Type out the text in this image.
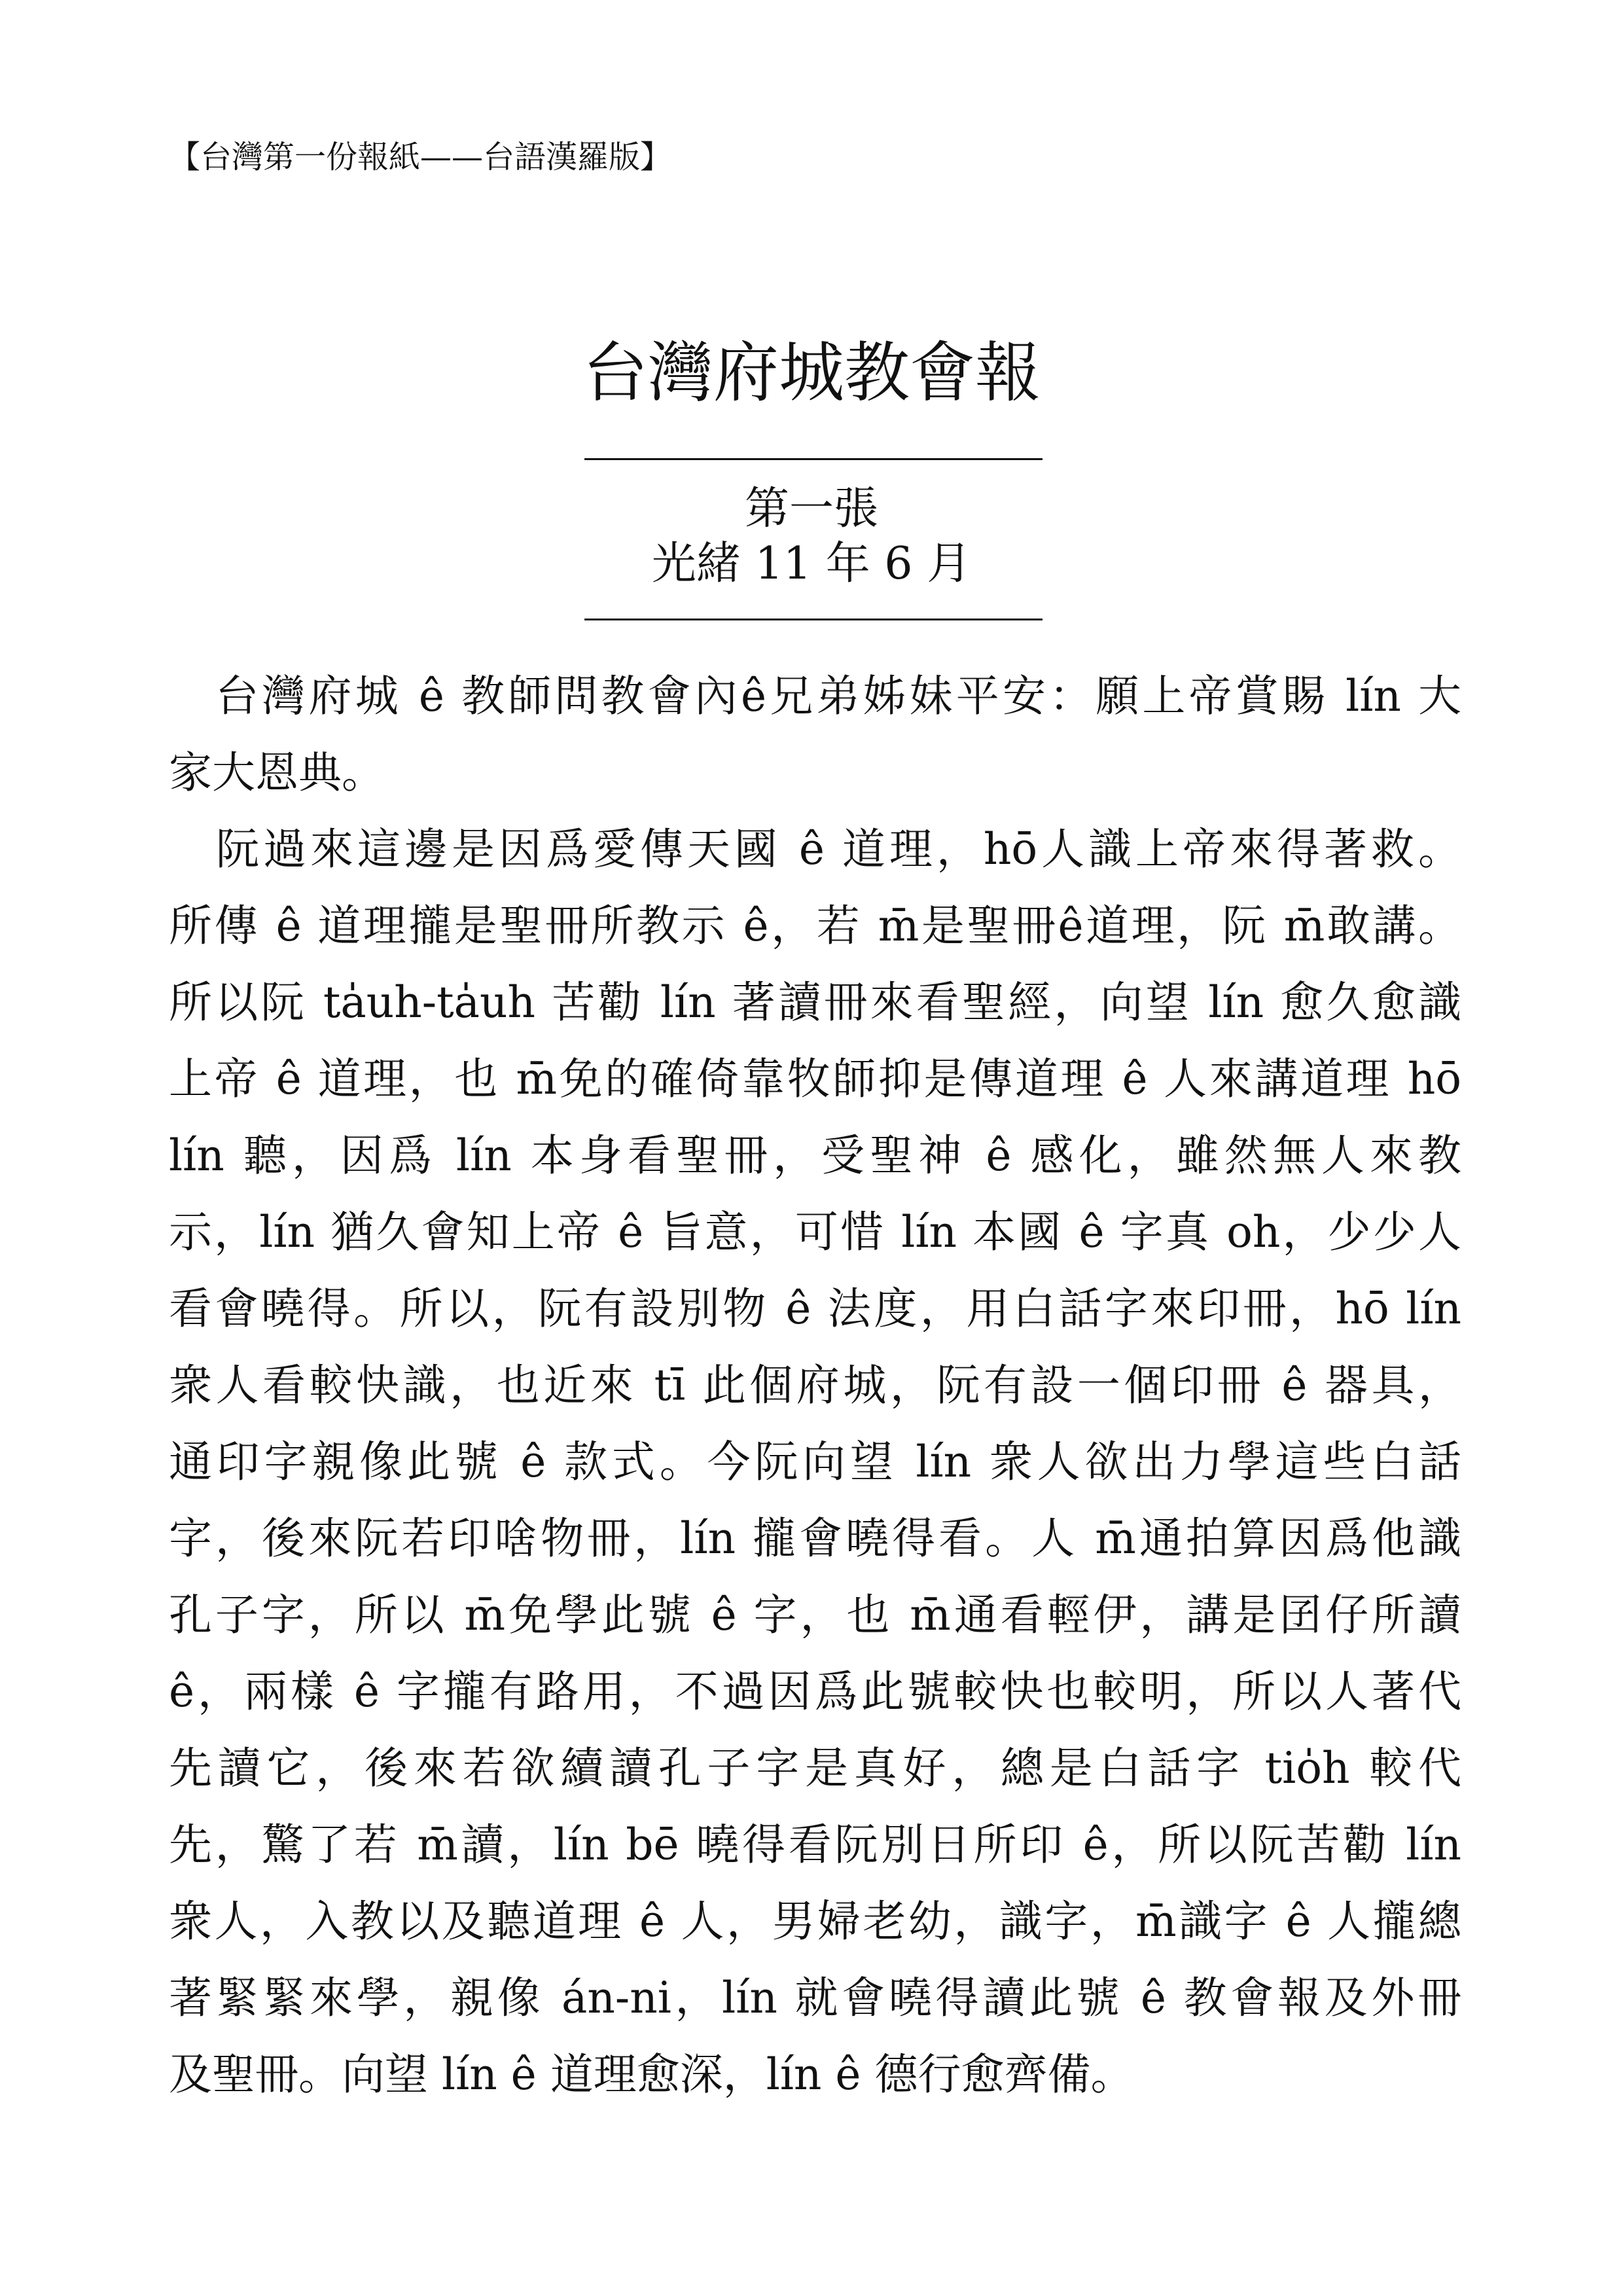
【台灣第一份報紙——台語漢羅版】
台灣府城教會報
第一張
光緒 11 年 6 月
　台灣府城 ê 教師問教會內ê兄弟姊妹平安：願上帝賞賜 lín 大
家大恩典。
　阮過來這邊是因爲愛傳天國 ê 道理，hō人識上帝來得著救。
所傳 ê 道理攏是聖冊所教示 ê，若 m̄是聖冊ê道理，阮 m̄敢講。
所以阮 ta̍uh-ta̍uh 苦勸 lín 著讀冊來看聖經，向望 lín 愈久愈識
上帝 ê 道理，也 m̄免的確倚靠牧師抑是傳道理 ê 人來講道理 hō
lín 聽，因爲 lín 本身看聖冊，受聖神 ê 感化，雖然無人來教
示，lín 猶久會知上帝 ê 旨意，可惜 lín 本國 ê 字真 oh，少少人
看會曉得。所以，阮有設別物 ê 法度，用白話字來印冊，hō lín
衆人看較快識，也近來 tī 此個府城，阮有設一個印冊 ê 器具，
通印字親像此號 ê 款式。今阮向望 lín 衆人欲出力學這些白話
字，後來阮若印啥物冊，lín 攏會曉得看。人 m̄通拍算因爲他識
孔子字，所以 m̄免學此號 ê 字，也 m̄通看輕伊，講是囝仔所讀
ê，兩樣 ê 字攏有路用，不過因爲此號較快也較明，所以人著代
先讀它，後來若欲續讀孔子字是真好，總是白話字 tio̍h 較代
先，驚了若 m̄讀，lín bē 曉得看阮別日所印 ê，所以阮苦勸 lín
衆人，入教以及聽道理 ê 人，男婦老幼，識字，m̄識字 ê 人攏總
著緊緊來學，親像 án-ni，lín 就會曉得讀此號 ê 教會報及外冊
及聖冊。向望 lín ê 道理愈深，lín ê 德行愈齊備。
